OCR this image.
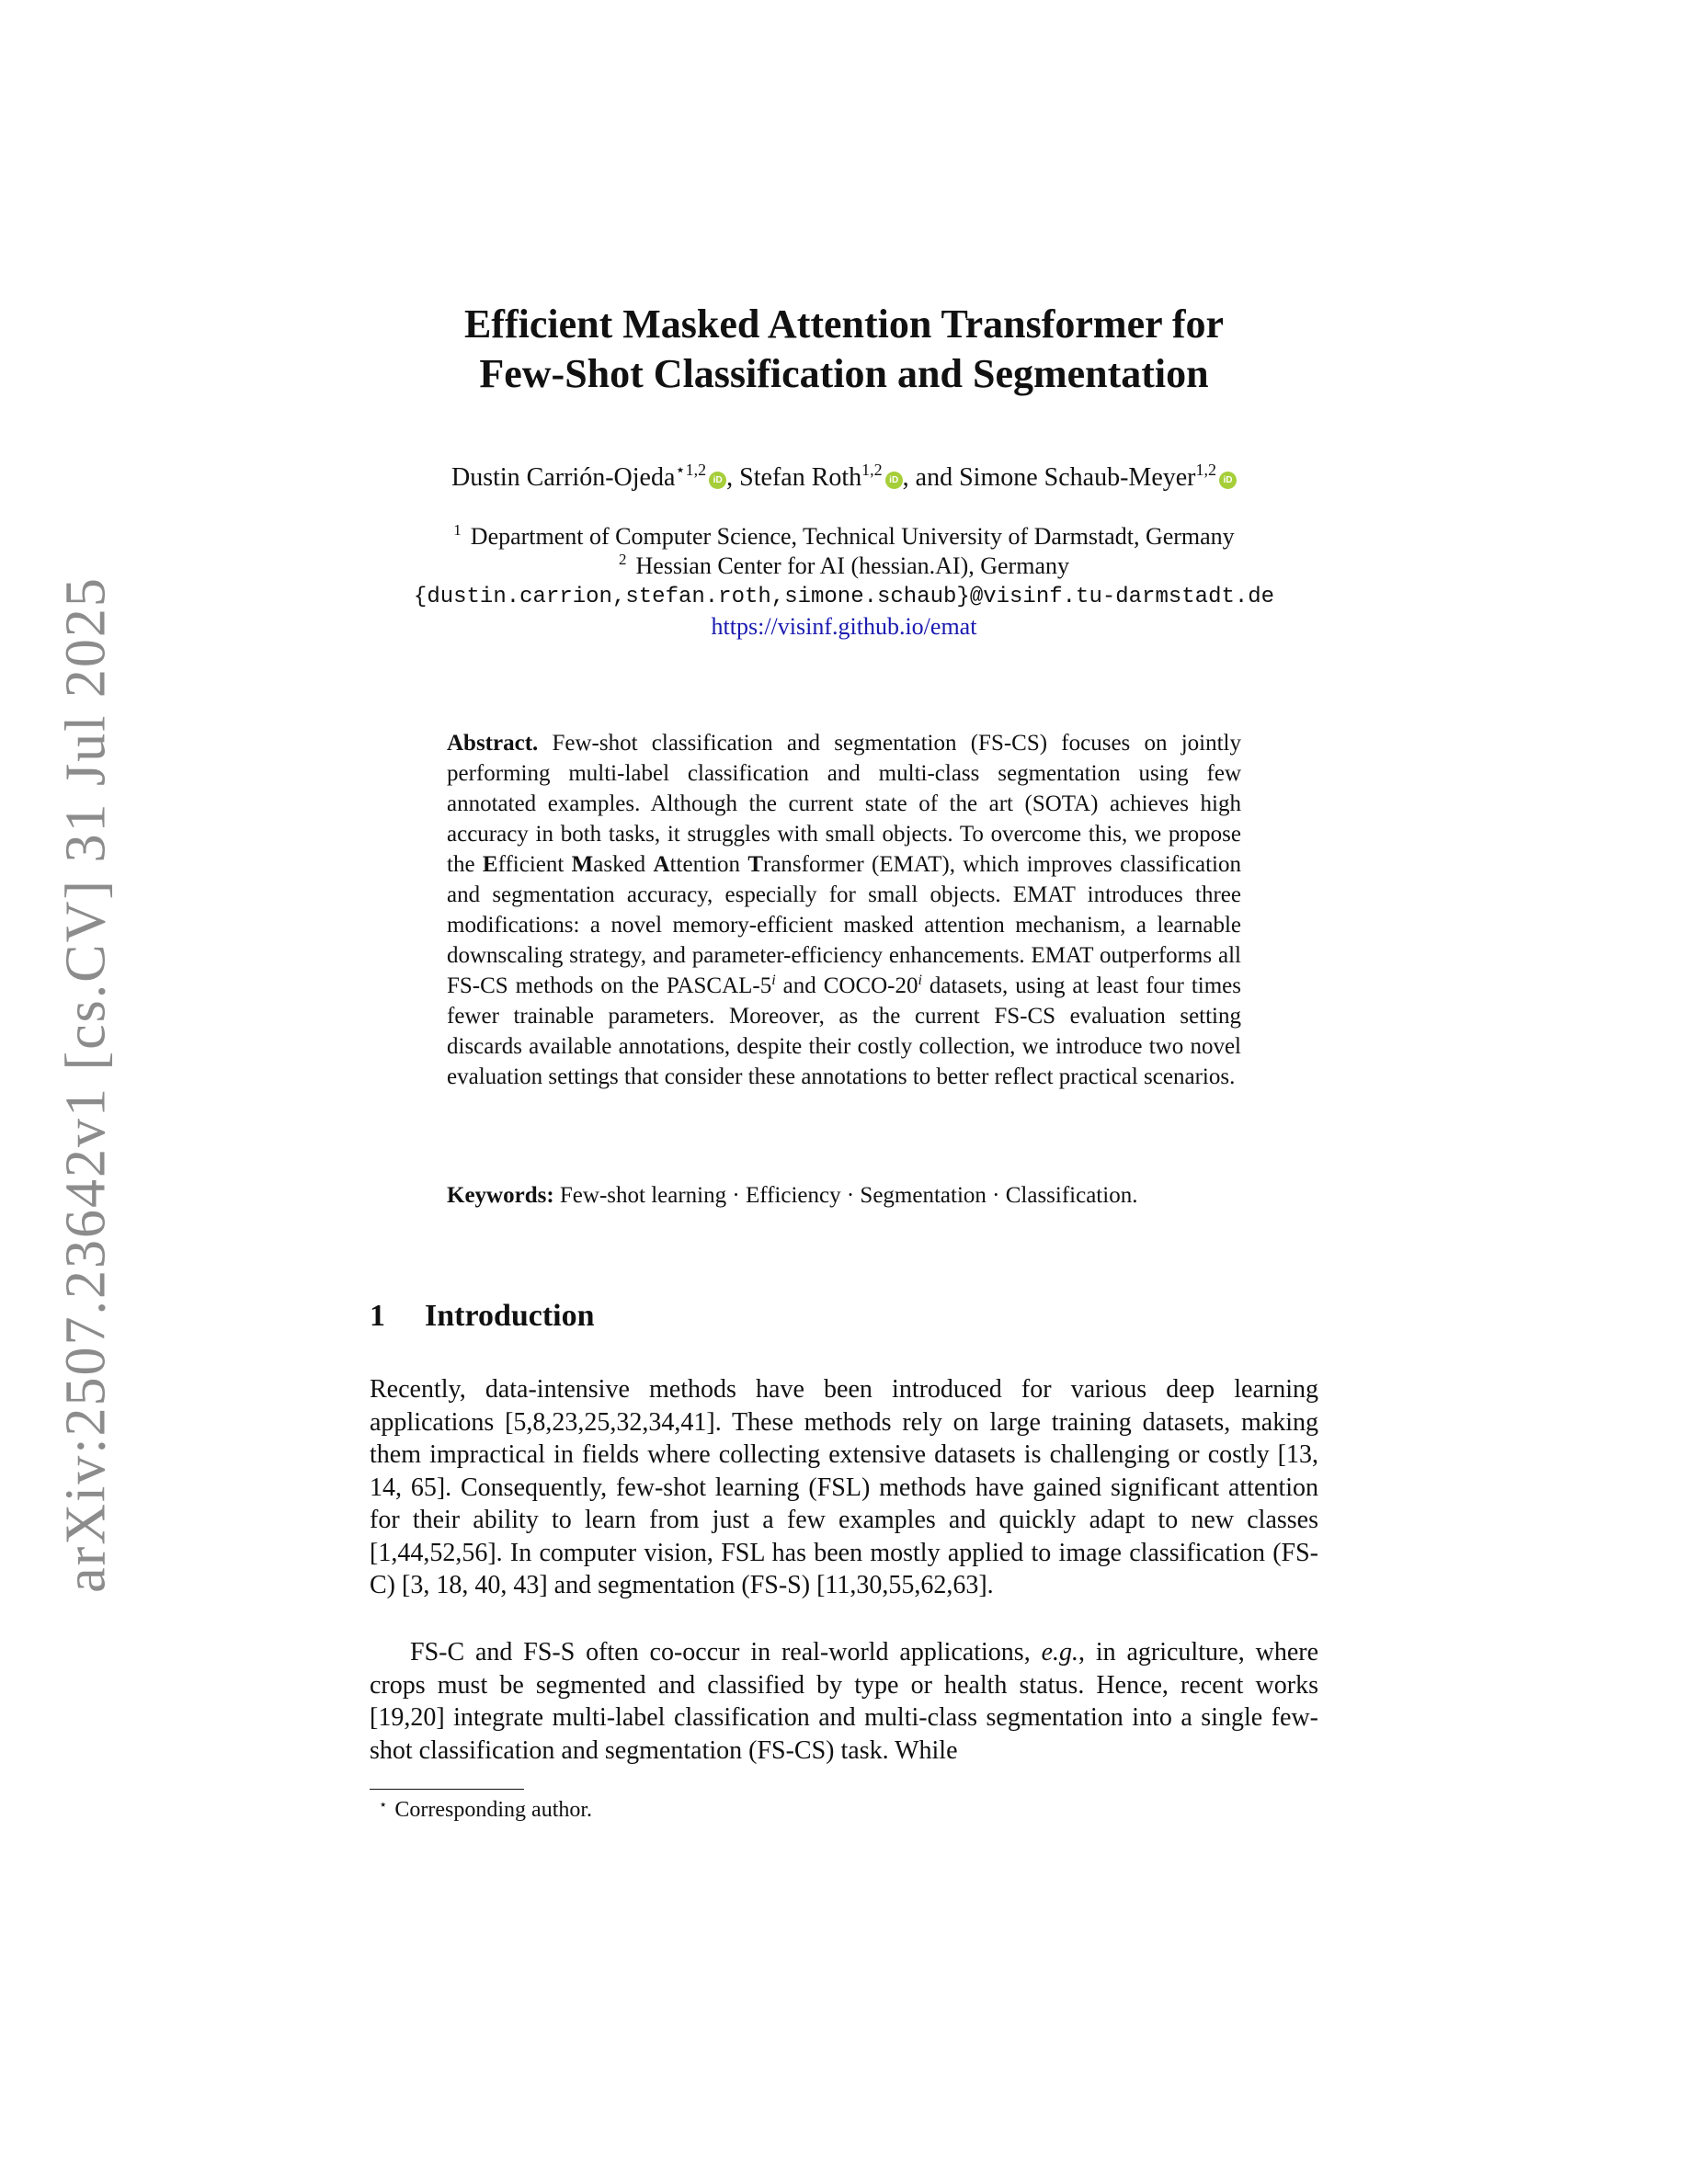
arXiv:2507.23642v1 [cs.CV] 31 Jul 2025
Efficient Masked Attention Transformer for
Few-Shot Classification and Segmentation
Dustin Carrión-Ojeda$^{⋆1,2}$iD , Stefan Roth$^{1,2}$iD , and Simone Schaub-Meyer$^{1,2}$iD
$^1$ Department of Computer Science, Technical University of Darmstadt, Germany
$^2$ Hessian Center for AI (hessian.AI), Germany
{dustin.carrion,stefan.roth,simone.schaub}@visinf.tu-darmstadt.de
https://visinf.github.io/emat
Abstract. Few-shot classification and segmentation (FS-CS) focuses on jointly performing multi-label classification and multi-class segmentation using few annotated examples. Although the current state of the art (SOTA) achieves high accuracy in both tasks, it struggles with small objects. To overcome this, we propose the Efficient Masked Attention Transformer (EMAT), which improves classification and segmentation accuracy, especially for small objects. EMAT introduces three modifications: a novel memory-efficient masked attention mechanism, a learnable downscaling strategy, and parameter-efficiency enhancements. EMAT outperforms all FS-CS methods on the PASCAL-5$^i$ and COCO-20$^i$ datasets, using at least four times fewer trainable parameters. Moreover, as the current FS-CS evaluation setting discards available annotations, despite their costly collection, we introduce two novel evaluation settings that consider these annotations to better reflect practical scenarios.
Keywords: Few-shot learning · Efficiency · Segmentation · Classification.
1 Introduction
Recently, data-intensive methods have been introduced for various deep learning applications [5,8,23,25,32,34,41]. These methods rely on large training datasets, making them impractical in fields where collecting extensive datasets is challenging or costly [13, 14, 65]. Consequently, few-shot learning (FSL) methods have gained significant attention for their ability to learn from just a few examples and quickly adapt to new classes [1,44,52,56]. In computer vision, FSL has been mostly applied to image classification (FS-C) [3, 18, 40, 43] and segmentation (FS-S) [11,30,55,62,63].
FS-C and FS-S often co-occur in real-world applications, e.g., in agriculture, where crops must be segmented and classified by type or health status. Hence, recent works [19,20] integrate multi-label classification and multi-class segmentation into a single few-shot classification and segmentation (FS-CS) task. While
⋆ Corresponding author.
